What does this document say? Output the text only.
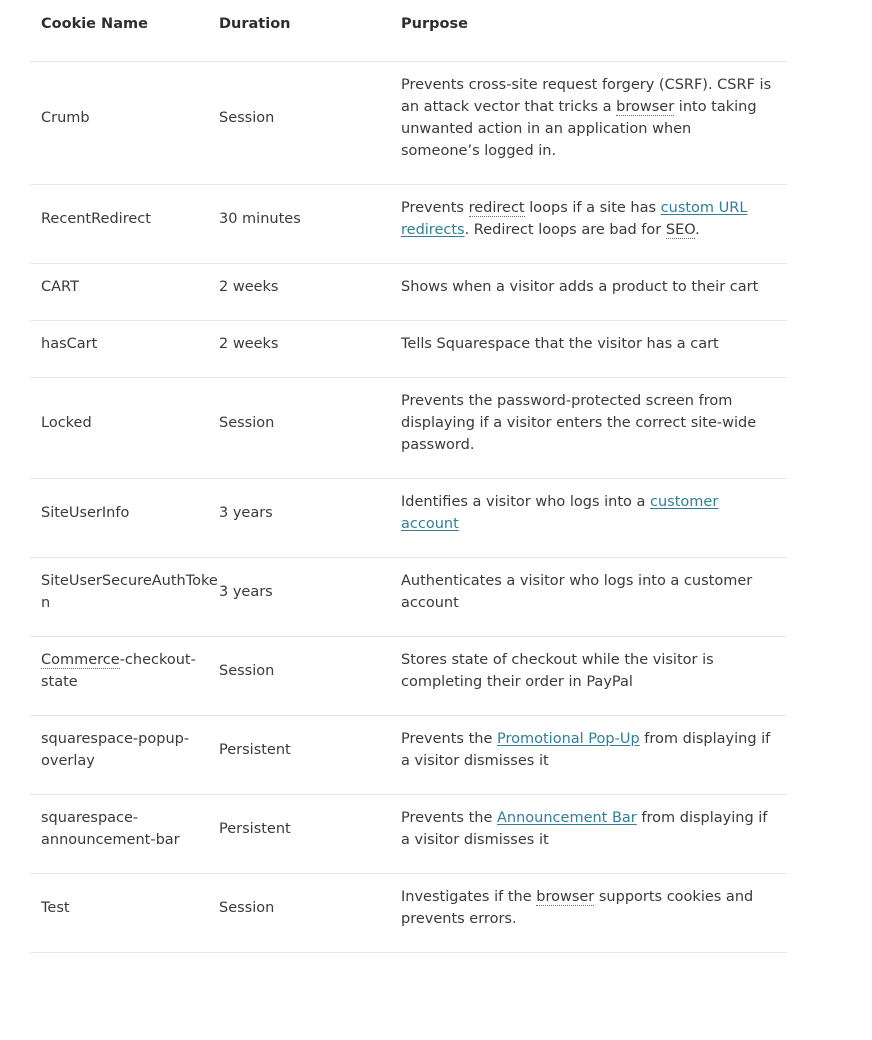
Cookie Name	Duration	Purpose
Crumb	Session	Prevents cross-site request forgery (CSRF). CSRF is an attack vector that tricks a browser into taking unwanted action in an application when someone’s logged in.
RecentRedirect	30 minutes	Prevents redirect loops if a site has custom URL redirects. Redirect loops are bad for SEO.
CART	2 weeks	Shows when a visitor adds a product to their cart
hasCart	2 weeks	Tells Squarespace that the visitor has a cart
Locked	Session	Prevents the password-protected screen from displaying if a visitor enters the correct site-wide password.
SiteUserInfo	3 years	Identifies a visitor who logs into a customer account
SiteUserSecureAuthToken	3 years	Authenticates a visitor who logs into a customer account
Commerce-checkout-state	Session	Stores state of checkout while the visitor is completing their order in PayPal
squarespace-popup-overlay	Persistent	Prevents the Promotional Pop-Up from displaying if a visitor dismisses it
squarespace-announcement-bar	Persistent	Prevents the Announcement Bar from displaying if a visitor dismisses it
Test	Session	Investigates if the browser supports cookies and prevents errors.
